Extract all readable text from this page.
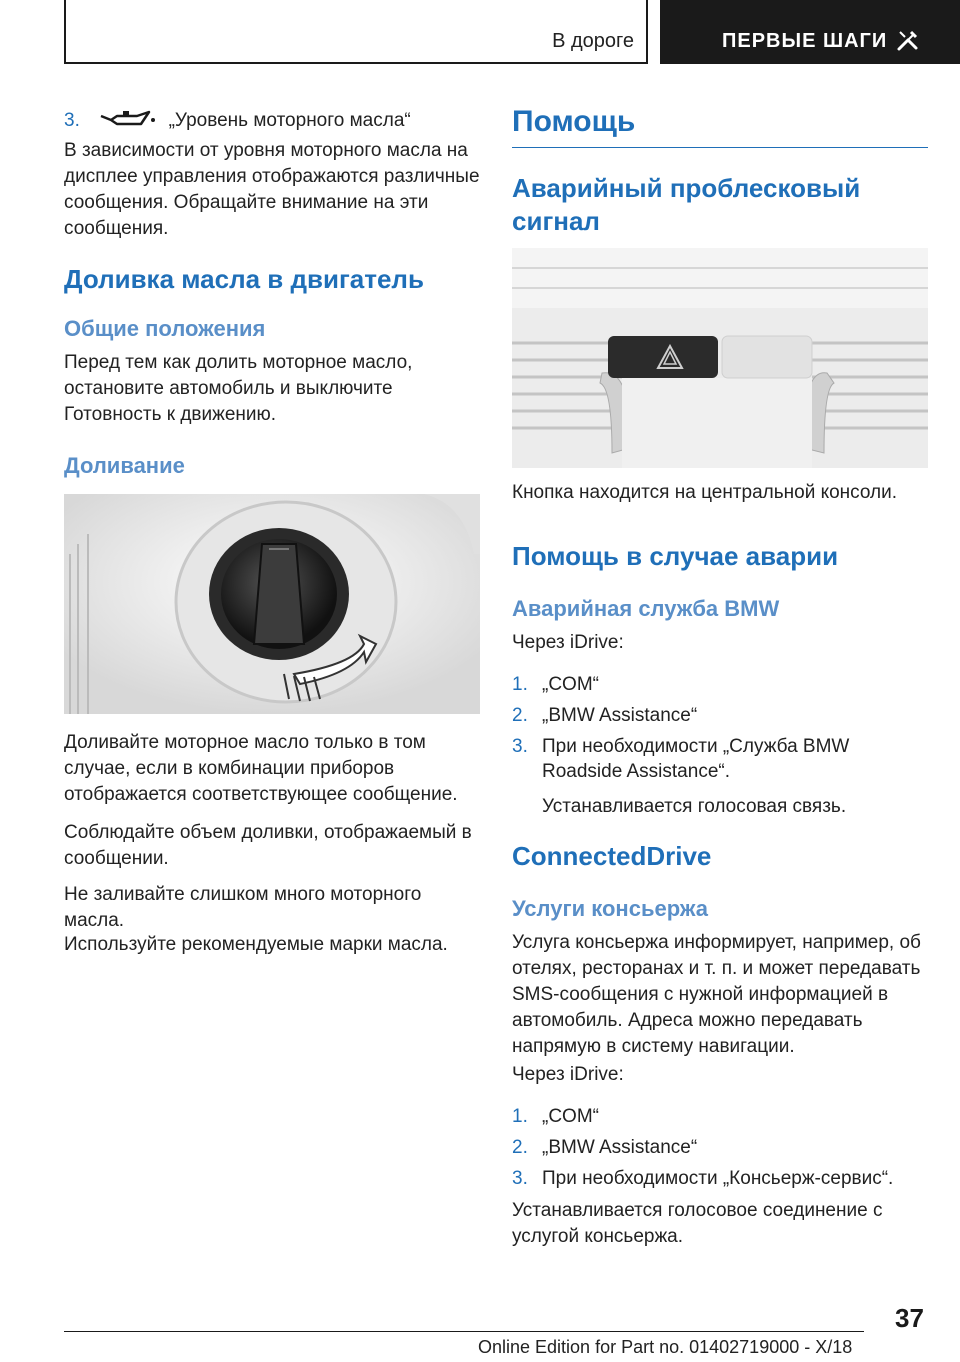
В дороге	ПЕРВЫЕ ШАГИ
3.	„Уровень моторного масла“

В зависимости от уровня моторного масла на дисплее управления отображаются различные сообщения. Обращайте внимание на эти сообщения.

Доливка масла в двигатель
Общие положения

Перед тем как долить моторное масло, остановите автомобиль и выключите Готовность к движению.

Доливание

Доливайте моторное масло только в том случае, если в комбинации приборов отображается соответствующее сообщение.

Соблюдайте объем доливки, отображаемый в сообщении.

Не заливайте слишком много моторного масла.

Используйте рекомендуемые марки масла.

Помощь
Аварийный проблесковый сигнал

Кнопка находится на центральной консоли.

Помощь в случае аварии
Аварийная служба BMW

Через iDrive:

1. „COM“
2. „BMW Assistance“
3. При необходимости „Служба BMW
Roadside Assistance“.

Устанавливается голосовая связь.

ConnectedDrive
Услуги консьержа

Услуга консьержа информирует, например, об отелях, ресторанах и т. п. и может передавать SMS-сообщения с нужной информацией в автомобиль. Адреса можно передавать напрямую в систему навигации.

Через iDrive:

1. „COM“
2. „BMW Assistance“
3. При необходимости „Консьерж-сервис“.

Устанавливается голосовое соединение с услугой консьержа.

37
Online Edition for Part no. 01402719000 - X/18
